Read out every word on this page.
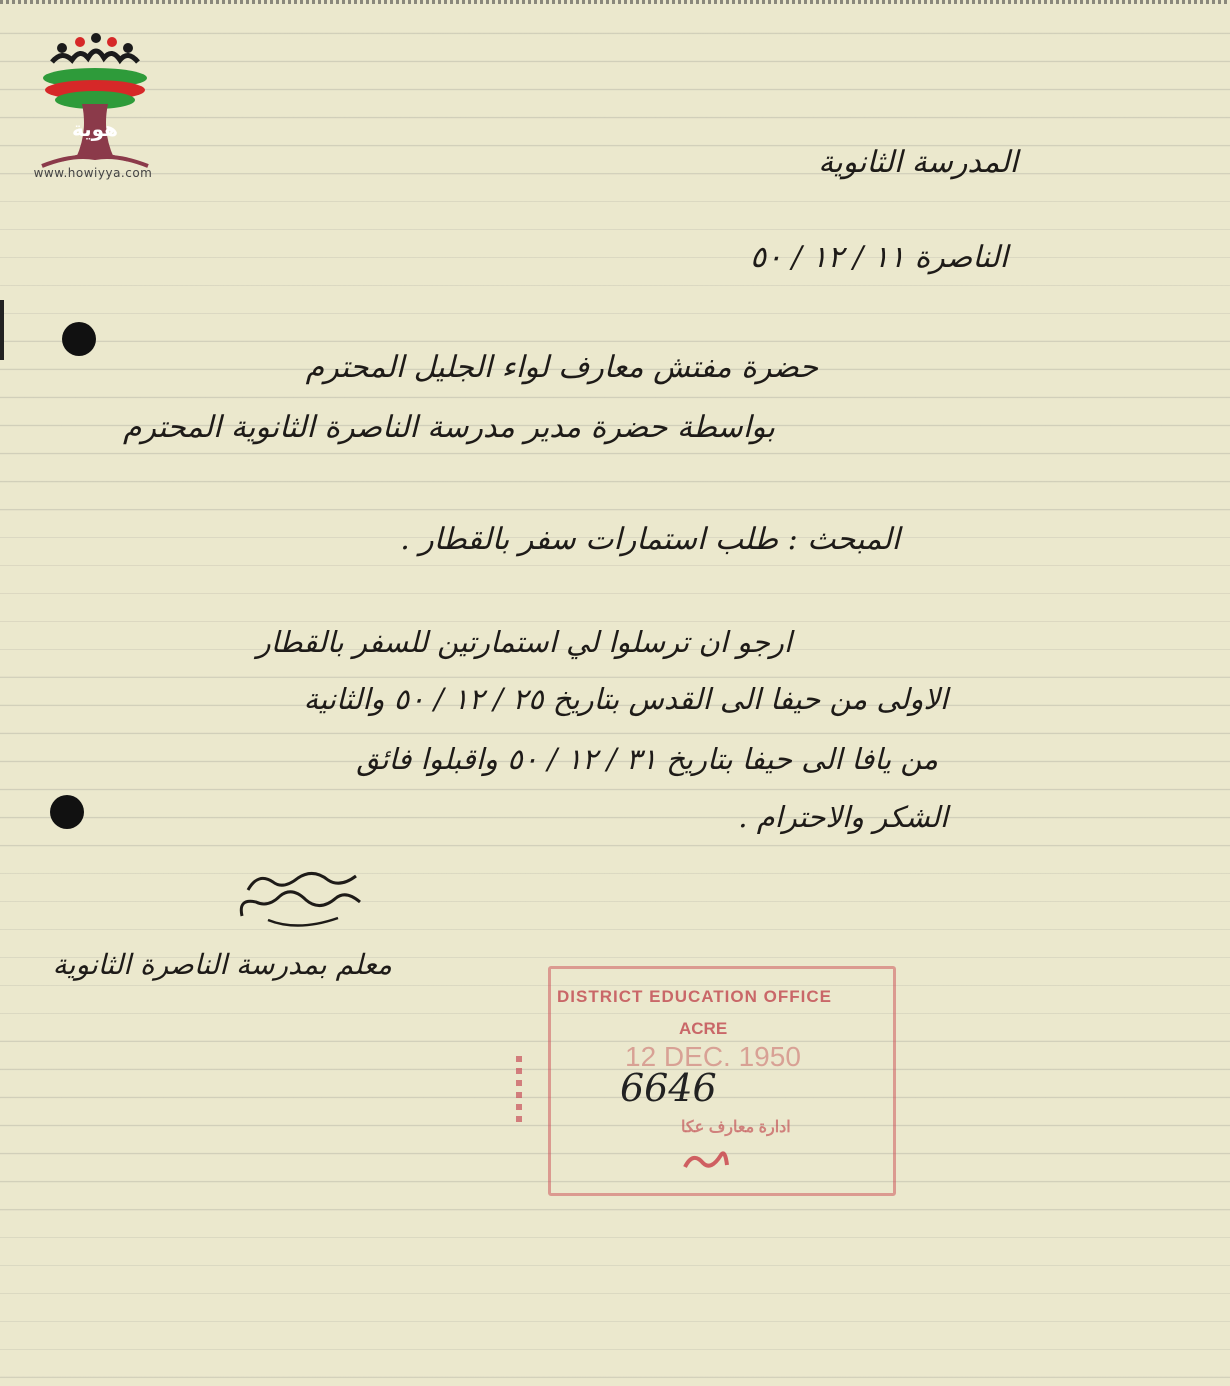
هوية
www.howiyya.com	المدرسة الثانوية
الناصرة ١١ / ١٢ / ٥٠
حضرة مفتش معارف لواء الجليل المحترم
بواسطة حضرة مدير مدرسة الناصرة الثانوية المحترم
المبحث : طلب استمارات سفر بالقطار .
ارجو ان ترسلوا لي استمارتين للسفر بالقطار
الاولى من حيفا الى القدس بتاريخ ٢٥ / ١٢ / ٥٠ والثانية
من يافا الى حيفا بتاريخ ٣١ / ١٢ / ٥٠ واقبلوا فائق
الشكر والاحترام .
معلم بمدرسة الناصرة الثانوية
DISTRICT EDUCATION OFFICE
ACRE
12 DEC. 1950
ادارة معارف عكا
6646
